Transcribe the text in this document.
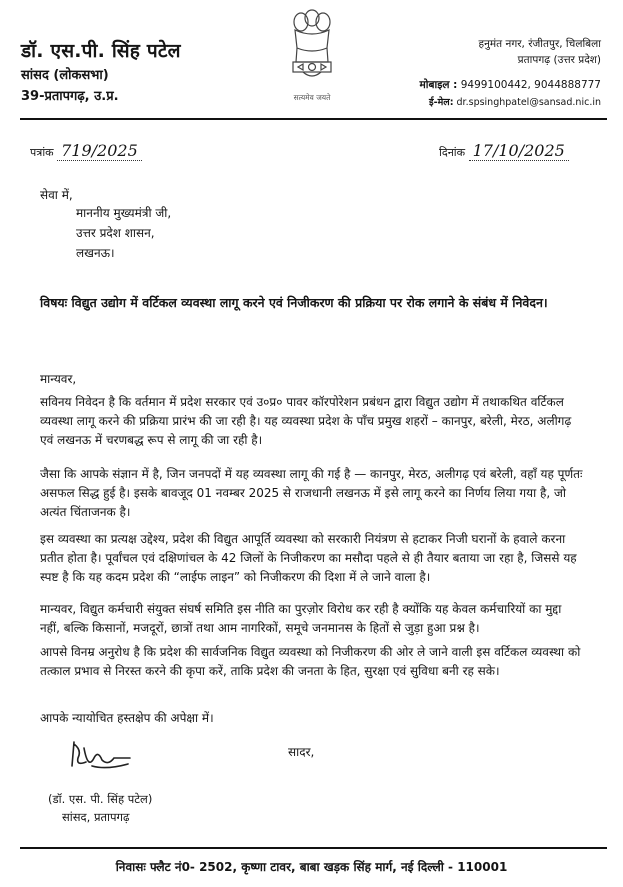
डॉ. एस.पी. सिंह पटेल
सांसद (लोकसभा)
39-प्रतापगढ़, उ.प्र.	सत्यमेव जयते
हनुमंत नगर, रंजीतपुर, चिलबिला
प्रतापगढ़ (उत्तर प्रदेश)
मोबाइल : 9499100442, 9044888777
ई-मेल: dr.spsinghpatel@sansad.nic.in
पत्रांक 719/2025	दिनांक 17/10/2025
सेवा में,
माननीय मुख्यमंत्री जी,
उत्तर प्रदेश शासन,
लखनऊ।
विषयः विद्युत उद्योग में वर्टिकल व्यवस्था लागू करने एवं निजीकरण की प्रक्रिया पर रोक लगाने के संबंध में निवेदन।
मान्यवर,
सविनय निवेदन है कि वर्तमान में प्रदेश सरकार एवं उ०प्र० पावर कॉरपोरेशन प्रबंधन द्वारा विद्युत उद्योग में तथाकथित वर्टिकल व्यवस्था लागू करने की प्रक्रिया प्रारंभ की जा रही है। यह व्यवस्था प्रदेश के पाँच प्रमुख शहरों – कानपुर, बरेली, मेरठ, अलीगढ़ एवं लखनऊ में चरणबद्ध रूप से लागू की जा रही है।
जैसा कि आपके संज्ञान में है, जिन जनपदों में यह व्यवस्था लागू की गई है — कानपुर, मेरठ, अलीगढ़ एवं बरेली, वहाँ यह पूर्णतः असफल सिद्ध हुई है। इसके बावजूद 01 नवम्बर 2025 से राजधानी लखनऊ में इसे लागू करने का निर्णय लिया गया है, जो अत्यंत चिंताजनक है।
इस व्यवस्था का प्रत्यक्ष उद्देश्य, प्रदेश की विद्युत आपूर्ति व्यवस्था को सरकारी नियंत्रण से हटाकर निजी घरानों के हवाले करना प्रतीत होता है। पूर्वांचल एवं दक्षिणांचल के 42 जिलों के निजीकरण का मसौदा पहले से ही तैयार बताया जा रहा है, जिससे यह स्पष्ट है कि यह कदम प्रदेश की “लाईफ लाइन” को निजीकरण की दिशा में ले जाने वाला है।
मान्यवर, विद्युत कर्मचारी संयुक्त संघर्ष समिति इस नीति का पुरज़ोर विरोध कर रही है क्योंकि यह केवल कर्मचारियों का मुद्दा नहीं, बल्कि किसानों, मजदूरों, छात्रों तथा आम नागरिकों, समूचे जनमानस के हितों से जुड़ा हुआ प्रश्न है।
आपसे विनम्र अनुरोध है कि प्रदेश की सार्वजनिक विद्युत व्यवस्था को निजीकरण की ओर ले जाने वाली इस वर्टिकल व्यवस्था को तत्काल प्रभाव से निरस्त करने की कृपा करें, ताकि प्रदेश की जनता के हित, सुरक्षा एवं सुविधा बनी रह सके।
आपके न्यायोचित हस्तक्षेप की अपेक्षा में।
सादर,
(डॉ. एस. पी. सिंह पटेल)
सांसद, प्रतापगढ़
निवासः फ्लैट नं0- 2502, कृष्णा टावर, बाबा खड़क सिंह मार्ग, नई दिल्ली - 110001
